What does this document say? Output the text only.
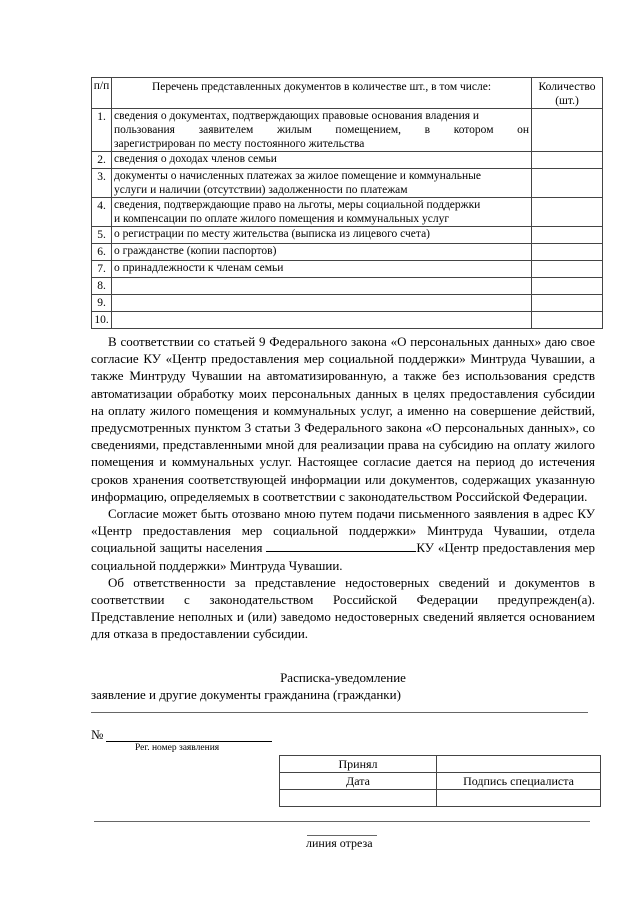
п/п	Перечень представленных документов в количестве шт., в том числе:	Количество
(шт.)

1.	сведения о документах, подтверждающих правовые основания владения и
пользования заявителем жилым помещением, в котором он
зарегистрирован по месту постоянного жительства	

2.	сведения о доходах членов семьи	

3.	документы о начисленных платежах за жилое помещение и коммунальные
услуги и наличии (отсутствии) задолженности по платежам	

4.	сведения, подтверждающие право на льготы, меры социальной поддержки
и компенсации по оплате жилого помещения и коммунальных услуг	

5.	о регистрации по месту жительства (выписка из лицевого счета)	

6.	о гражданстве (копии паспортов)	

7.	о принадлежности к членам семьи	

8.		
9.		
10.		

В соответствии со статьей 9 Федерального закона «О персональных данных» даю свое согласие КУ «Центр предоставления мер социальной поддержки» Минтруда Чувашии, а также Минтруду Чувашии на автоматизированную, а также без использования средств автоматизации обработку моих персональных данных в целях предоставления субсидии на оплату жилого помещения и коммунальных услуг, а именно на совершение действий, предусмотренных пунктом 3 статьи 3 Федерального закона «О персональных данных», со сведениями, представленными мной для реализации права на субсидию на оплату жилого помещения и коммунальных услуг. Настоящее согласие дается на период до истечения сроков хранения соответствующей информации или документов, содержащих указанную информацию, определяемых в соответствии с законодательством Российской Федерации.

Согласие может быть отозвано мною путем подачи письменного заявления в адрес КУ «Центр предоставления мер социальной поддержки» Минтруда Чувашии, отдела социальной защиты населения	КУ «Центр предоставления мер социальной поддержки» Минтруда Чувашии.

Об ответственности за представление недостоверных сведений и документов в соответствии с законодательством Российской Федерации предупрежден(а). Представление неполных и (или) заведомо недостоверных сведений является основанием для отказа в предоставлении субсидии.

Расписка-уведомление
заявление и другие документы гражданина (гражданки)
№
Рег. номер заявления
Принял	
Дата	Подпись специалиста

линия отреза
